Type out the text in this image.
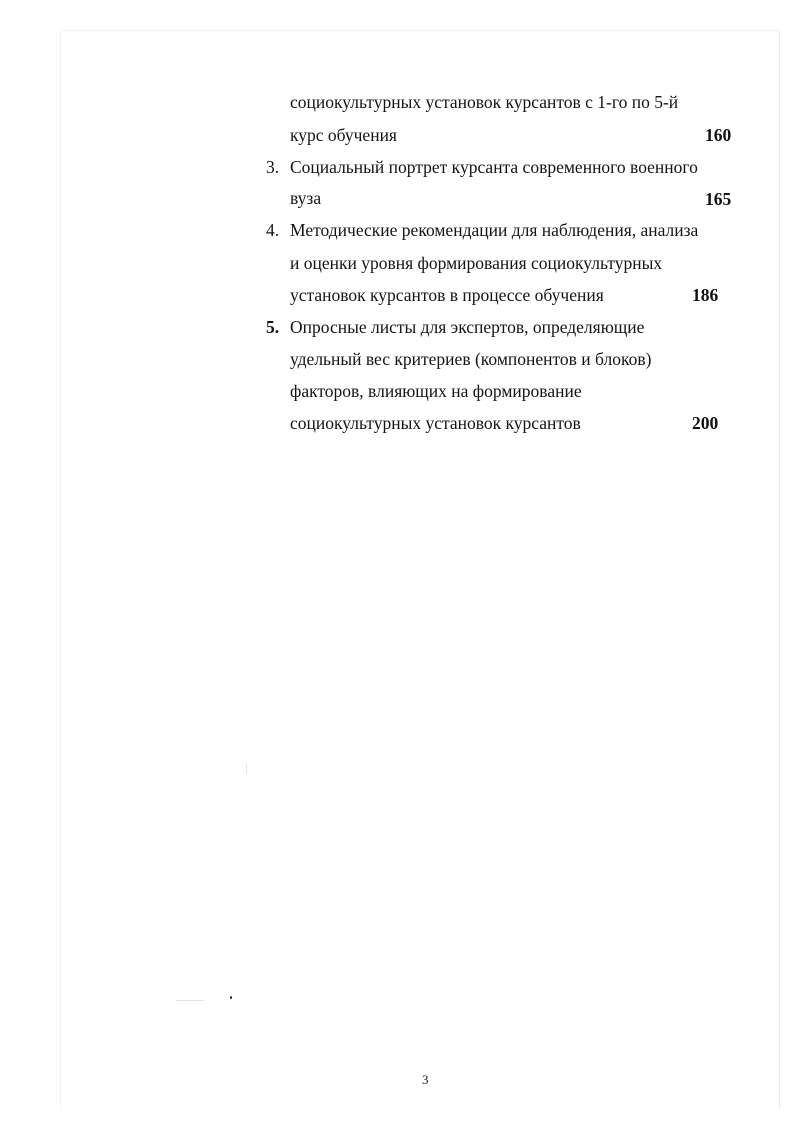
социокультурных установок курсантов с 1-го по 5-й
курс обучения	160
3. Социальный портрет курсанта современного военного
вуза	165
4. Методические рекомендации для наблюдения, анализа
и оценки уровня формирования социокультурных
установок курсантов в процессе обучения	186
5. Опросные листы для экспертов, определяющие
удельный вес критериев (компонентов и блоков)
факторов, влияющих на формирование
социокультурных установок курсантов	200
3
